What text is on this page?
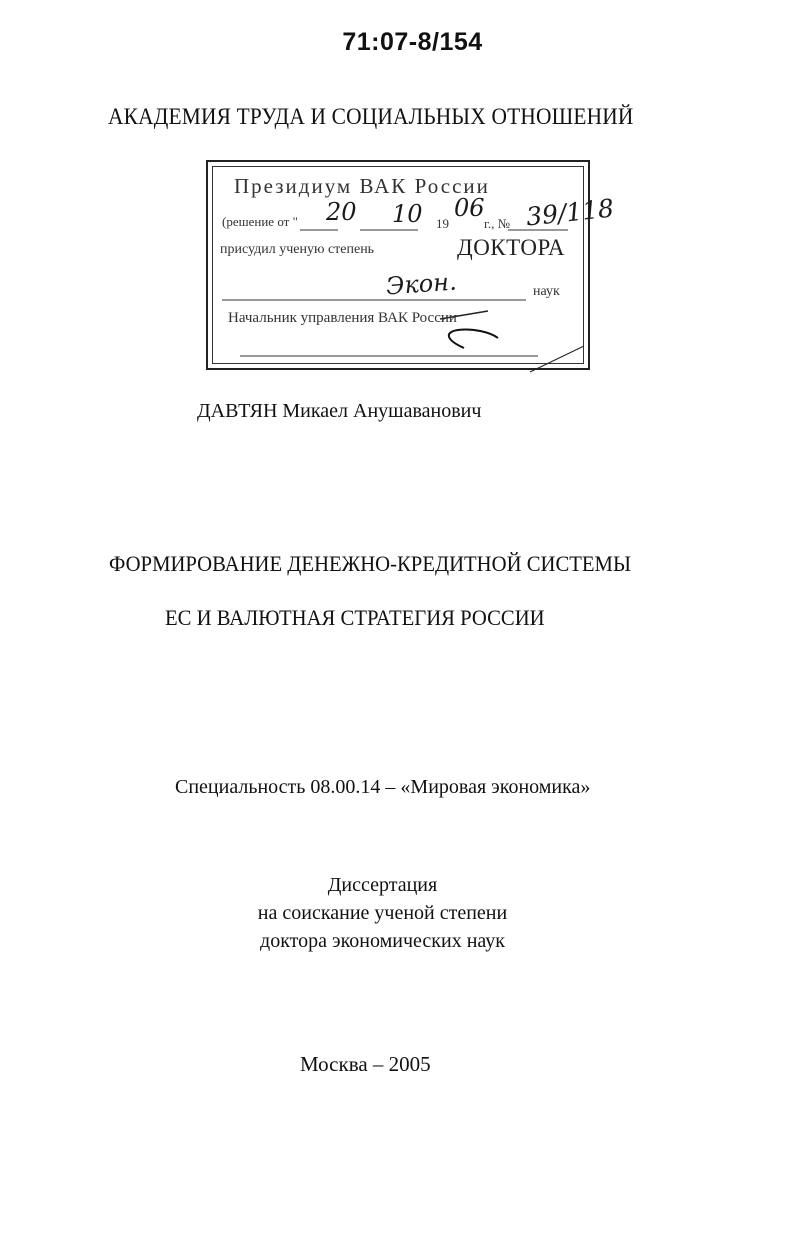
71:07-8/154
АКАДЕМИЯ ТРУДА И СОЦИАЛЬНЫХ ОТНОШЕНИЙ
Президиум ВАК России
(решение от " 20 10 19
06
г., № 39/118
присудил ученую степень	ДОКТОРА
Экон.	наук
Начальник управления ВАК России
ДАВТЯН Микаел Анушаванович
ФОРМИРОВАНИЕ ДЕНЕЖНО-КРЕДИТНОЙ СИСТЕМЫ
ЕС И ВАЛЮТНАЯ СТРАТЕГИЯ РОССИИ
Специальность 08.00.14 – «Мировая экономика»
Диссертация
на соискание ученой степени
доктора экономических наук
Москва – 2005
